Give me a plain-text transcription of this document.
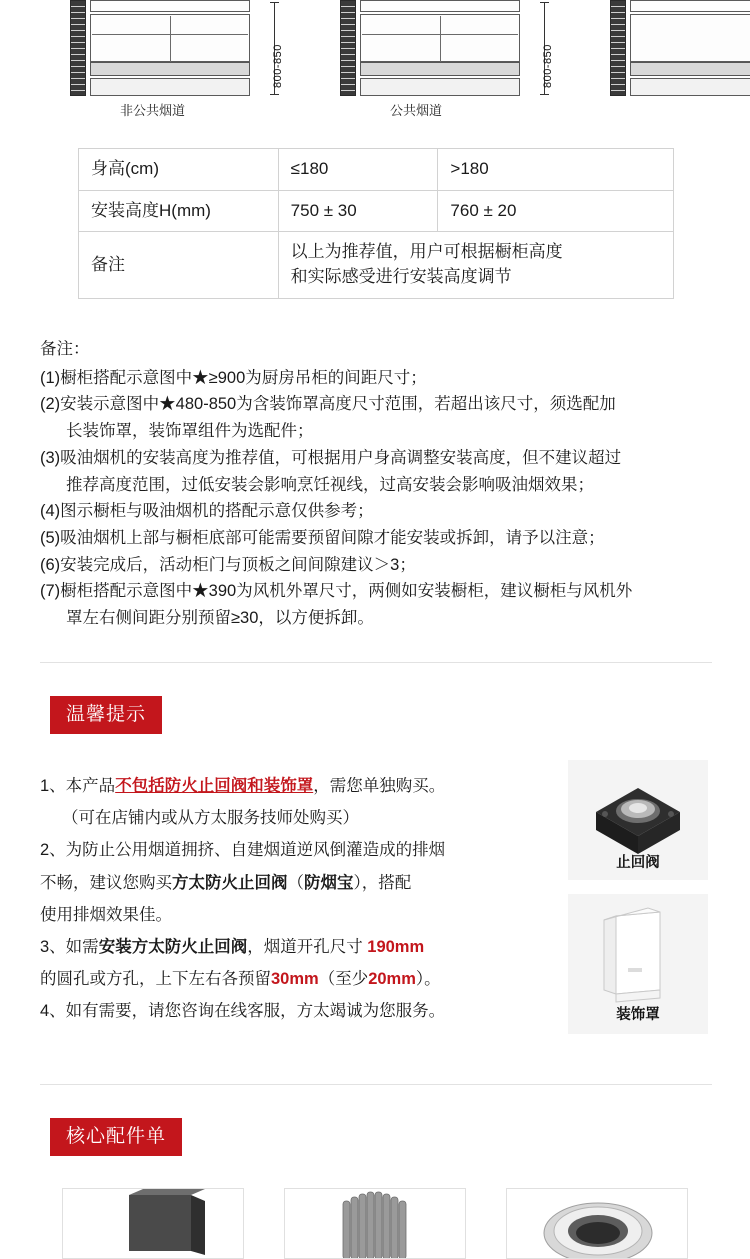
800-850
非公共烟道
800-850
公共烟道
身高(cm)	≤180	>180
安装高度H(mm)	750 ± 30	760 ± 20
备注	以上为推荐值，用户可根据橱柜高度
和实际感受进行安装高度调节	

备注：

(1)橱柜搭配示意图中★≥900为厨房吊柜的间距尺寸；

(2)安装示意图中★480-850为含装饰罩高度尺寸范围，若超出该尺寸，须选配加

长装饰罩，装饰罩组件为选配件；

(3)吸油烟机的安装高度为推荐值，可根据用户身高调整安装高度，但不建议超过

推荐高度范围，过低安装会影响烹饪视线，过高安装会影响吸油烟效果；

(4)图示橱柜与吸油烟机的搭配示意仅供参考；

(5)吸油烟机上部与橱柜底部可能需要预留间隙才能安装或拆卸，请予以注意；

(6)安装完成后，活动柜门与顶板之间间隙建议＞3；

(7)橱柜搭配示意图中★390为风机外罩尺寸，两侧如安装橱柜，建议橱柜与风机外

罩左右侧间距分别预留≥30，以方便拆卸。

温馨提示

1、本产品不包括防火止回阀和装饰罩，需您单独购买。

（可在店铺内或从方太服务技师处购买）

2、为防止公用烟道拥挤、自建烟道逆风倒灌造成的排烟

不畅，建议您购买方太防火止回阀（防烟宝），搭配

使用排烟效果佳。

3、如需安装方太防火止回阀，烟道开孔尺寸 190mm

的圆孔或方孔，上下左右各预留30mm（至少20mm）。

4、如有需要，请您咨询在线客服，方太竭诚为您服务。

止回阀
装饰罩
核心配件单
